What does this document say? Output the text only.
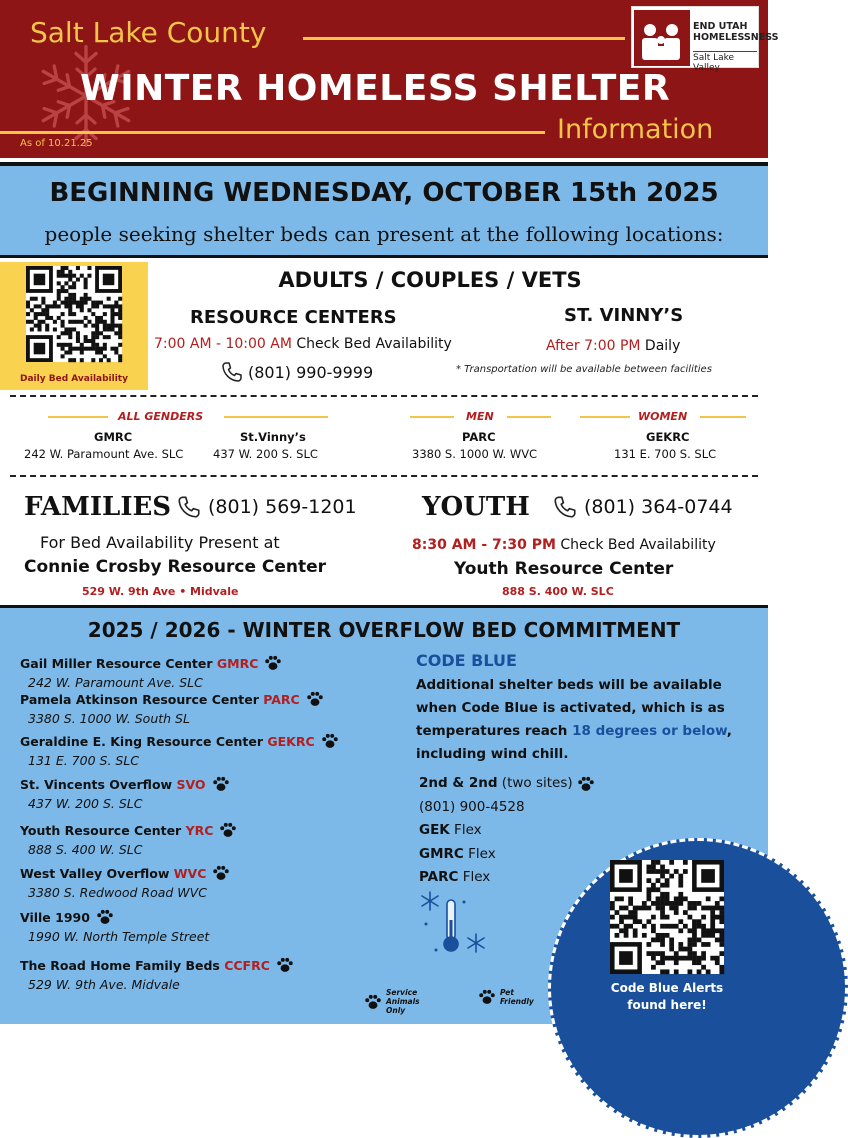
Salt Lake County
WINTER HOMELESS SHELTER
As of 10.21.25	Information
END UTAH HOMELESSNESS
Salt Lake Valley
BEGINNING WEDNESDAY, OCTOBER 15th 2025
people seeking shelter beds can present at the following locations:
Daily Bed Availability
ADULTS / COUPLES / VETS
RESOURCE CENTERS
7:00 AM - 10:00 AM Check Bed Availability
(801) 990-9999
ST. VINNY’S
After 7:00 PM Daily
* Transportation will be available between facilities
ALL GENDERS
GMRC
242 W. Paramount Ave. SLC
St.Vinny’s
437 W. 200 S. SLC
MEN
PARC
3380 S. 1000 W. WVC
WOMEN
GEKRC
131 E. 700 S. SLC
FAMILIES (801) 569-1201
For Bed Availability Present at
Connie Crosby Resource Center
529 W. 9th Ave • Midvale
YOUTH	(801) 364-0744
8:30 AM - 7:30 PM Check Bed Availability
Youth Resource Center
888 S. 400 W. SLC
2025 / 2026 - WINTER OVERFLOW BED COMMITMENT
Gail Miller Resource Center GMRC
242 W. Paramount Ave. SLC
Pamela Atkinson Resource Center PARC
3380 S. 1000 W. South SL
Geraldine E. King Resource Center GEKRC
131 E. 700 S. SLC
St. Vincents Overflow SVO
437 W. 200 S. SLC
Youth Resource Center YRC
888 S. 400 W. SLC
West Valley Overflow WVC
3380 S. Redwood Road WVC
Ville 1990
1990 W. North Temple Street
The Road Home Family Beds CCFRC
529 W. 9th Ave. Midvale
CODE BLUE
Additional shelter beds will be available when Code Blue is activated, which is as temperatures reach 18 degrees or below, including wind chill.
2nd & 2nd (two sites)
(801) 900-4528
GEK Flex
GMRC Flex
PARC Flex
Code Blue Alerts found here!
Service Animals Only
Pet Friendly
